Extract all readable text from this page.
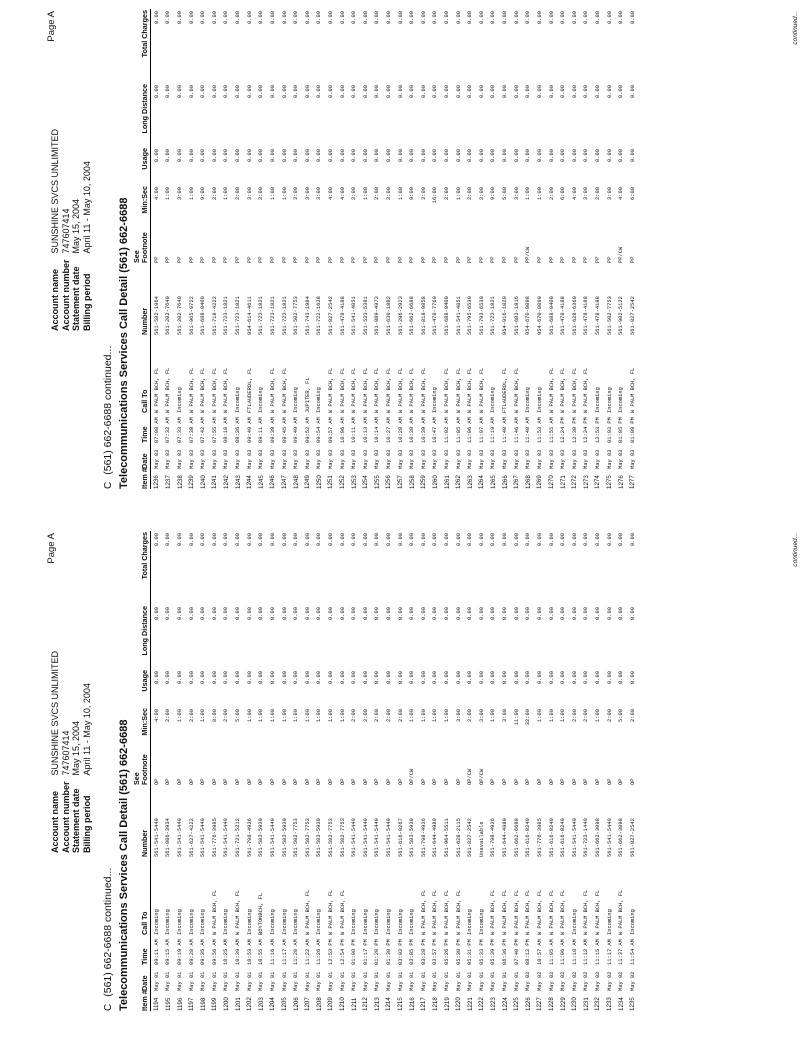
Page A
Account name	SUNSHINE SVCS UNLIMITED
Account number	747607414
Statement date	May 15, 2004
Billing period	April 11 - May 10, 2004
C(561) 662-6688 continued... Telecommunications Services Call Detail (561) 662-6688 Item #	Date	Time	Call To	Number	See Footnote	Min:Sec	Usage	Long Distance	Total Charges
1194	May 01	09:11 AM	Incoming	561-541-5449	OP	4:00	0.00	0.00	0.00
1195	May 01	09:15 AM	Incoming	561-806-3934	OP	2:00	0.00	0.00	0.00
1196	May 01	09:19 AM	Incoming	561-541-5449	OP	1:00	0.00	0.00	0.00
1197	May 01	09:28 AM	Incoming	561-627-4222	OP	2:00	0.00	0.00	0.00
1198	May 01	09:35 AM	Incoming	561-541-5449	OP	1:00	0.00	0.00	0.00
1199	May 01	09:56 AM	W PALM BCH, FL	561-776-3985	OP	8:00	0.00	0.00	0.00
1200	May 01	10:25 AM	Incoming	561-541-5449	OP	2:00	0.00	0.00	0.00
1201	May 01	10:39 AM	W PALM BCH, FL	561-721-5212	OP	5:00	0.00	0.00	0.00
1202	May 01	10:53 AM	Incoming	561-798-4936	OP	1:00	0.00	0.00	0.00
1203	May 01	10:55 AM	BOYTONBCH, FL	561-503-5930	OP	1:00	0.00	0.00	0.00
1204	May 01	11:16 AM	Incoming	561-541-5449	OP	1:00	0.00	0.00	0.00
1205	May 01	11:17 AM	Incoming	561-503-5930	OP	1:00	0.00	0.00	0.00
1206	May 01	11:20 AM	Incoming	561-502-7753	OP	1:00	0.00	0.00	0.00
1207	May 01	11:22 AM	W PALM BCH, FL	561-502-7753	OP	1:00	0.00	0.00	0.00
1208	May 01	11:26 AM	Incoming	561-503-5930	OP	1:00	0.00	0.00	0.00
1209	May 01	12:53 PM	W PALM BCH, FL	561-502-7753	OP	1:00	0.00	0.00	0.00
1210	May 01	12:54 PM	W PALM BCH, FL	561-502-7753	OP	1:00	0.00	0.00	0.00
1211	May 01	01:08 PM	Incoming	561-541-5449	OP	2:00	0.00	0.00	0.00
1212	May 01	01:17 PM	Incoming	561-541-5449	OP	2:00	0.00	0.00	0.00
1213	May 01	01:20 PM	Incoming	561-541-5449	OP	2:00	0.00	0.00	0.00
1214	May 01	01:30 PM	Incoming	561-541-5449	OP	2:00	0.00	0.00	0.00
1215	May 01	03:03 PM	Incoming	561-616-0267	OP	2:00	0.00	0.00	0.00
1216	May 01	03:05 PM	Incoming	561-503-5930	OP/CW	1:00	0.00	0.00	0.00
1217	May 01	03:28 PM	W PALM BCH, FL	561-798-4936	OP	1:00	0.00	0.00	0.00
1218	May 01	03:57 PM	W PALM BCH, FL	561-644-4989	OP	1:00	0.00	0.00	0.00
1219	May 01	05:26 PM	W PALM BCH, FL	561-964-5511	OP	1:00	0.00	0.00	0.00
1220	May 01	05:30 PM	W PALM BCH, FL	561-628-2115	OP	3:00	0.00	0.00	0.00
1221	May 01	05:31 PM	Incoming	561-827-2542	OP/CW	2:00	0.00	0.00	0.00
1222	May 01	05:33 PM	Incoming	Unavailable	OP/CW	3:00	0.00	0.00	0.00
1223	May 01	05:39 PM	W PALM BCH, FL	561-798-4936	OP	1:00	0.00	0.00	0.00
1224	May 01	06:36 PM	W PALM BCH, FL	561-644-4989	OP	3:00	0.00	0.00	0.00
1225	May 01	07:40 PM	W PALM BCH, FL	561-662-6688	OP	11:00	0.00	0.00	0.00
1226	May 02	08:12 PM	W PALM BCH, FL	561-616-8240	OP	32:00	0.00	0.00	0.00
1227	May 02	10:57 AM	W PALM BCH, FL	561-776-3985	OP	1:00	0.00	0.00	0.00
1228	May 02	11:05 AM	W PALM BCH, FL	561-616-8240	OP	1:00	0.00	0.00	0.00
1229	May 02	11:06 AM	W PALM BCH, FL	561-616-8240	OP	1:00	0.00	0.00	0.00
1230	May 02	11:10 AM	Incoming	561-541-5449	OP	2:00	0.00	0.00	0.00
1231	May 02	11:12 AM	W PALM BCH, FL	561-723-1440	OP	2:00	0.00	0.00	0.00
1232	May 02	11:15 AM	W PALM BCH, FL	561-662-3098	OP	1:00	0.00	0.00	0.00
1233	May 02	11:17 AM	Incoming	561-541-5449	OP	2:00	0.00	0.00	0.00
1234	May 02	11:37 AM	W PALM BCH, FL	561-662-3098	OP	5:00	0.00	0.00	0.00
1235	May 02	11:54 AM	Incoming	561-827-2542	OP	2:00	0.00	0.00	0.00	continued...
Page A
Account name	SUNSHINE SVCS UNLIMITED
Account number	747607414
Statement date	May 15, 2004
Billing period	April 11 - May 10, 2004
C(561) 662-6688 continued... Telecommunications Services Call Detail (561) 662-6688 Item #	Date	Time	Call To	Number	See Footnote	Min:Sec	Usage	Long Distance	Total Charges
1236	May 03	07:08 AM	W PALM BCH, FL	561-582-1964	PP	4:00	0.00	0.00	0.00
1237	May 03	07:32 AM	W PALM BCH, FL	561-202-7640	PP	1:00	0.00	0.00	0.00
1238	May 03	07:33 AM	Incoming	561-202-7640	PP	3:00	0.00	0.00	0.00
1239	May 03	07:38 AM	W PALM BCH, FL	561-965-0722	PP	1:00	0.00	0.00	0.00
1240	May 03	07:42 AM	W PALM BCH, FL	561-688-0400	PP	9:00	0.00	0.00	0.00
1241	May 03	07:55 AM	W PALM BCH, FL	561-718-4222	PP	2:00	0.00	0.00	0.00
1242	May 03	08:18 AM	W PALM BCH, FL	561-723-1821	PP	1:00	0.00	0.00	0.00
1243	May 03	08:36 AM	Incoming	561-723-1821	PP	2:00	0.00	0.00	0.00
1244	May 03	09:49 AM	FTLAUDERDL, FL	954-614-4611	PP	3:00	0.00	0.00	0.00
1245	May 03	09:11 AM	Incoming	561-723-1821	PP	2:00	0.00	0.00	0.00
1246	May 03	09:39 AM	W PALM BCH, FL	561-723-1821	PP	1:00	0.00	0.00	0.00
1247	May 03	09:45 AM	W PALM BCH, FL	561-723-1821	PP	1:00	0.00	0.00	0.00
1248	May 03	09:49 AM	Incoming	561-502-7753	PP	3:00	0.00	0.00	0.00
1249	May 03	09:52 AM	JUPITER, FL	561-743-1984	PP	3:00	0.00	0.00	0.00
1250	May 03	09:54 AM	Incoming	561-722-1628	PP	3:00	0.00	0.00	0.00
1251	May 03	09:57 AM	W PALM BCH, FL	561-827-2542	PP	4:00	0.00	0.00	0.00
1252	May 03	10:06 AM	W PALM BCH, FL	561-478-4188	PP	4:00	0.00	0.00	0.00
1253	May 03	10:11 AM	W PALM BCH, FL	561-541-4051	PP	2:00	0.00	0.00	0.00
1254	May 03	10:13 AM	W PALM BCH, FL	561-533-5381	PP	1:00	0.00	0.00	0.00
1255	May 03	10:14 AM	W PALM BCH, FL	561-889-4973	PP	2:00	0.00	0.00	0.00
1256	May 03	10:27 AM	W PALM BCH, FL	561-630-1882	PP	2:00	0.00	0.00	0.00
1257	May 03	10:28 AM	W PALM BCH, FL	561-296-2923	PP	1:00	0.00	0.00	0.00
1258	May 03	10:30 AM	W PALM BCH, FL	561-662-6688	PP	9:00	0.00	0.00	0.00
1259	May 03	10:39 AM	W PALM BCH, FL	561-818-9858	PP	3:00	0.00	0.00	0.00
1260	May 03	10:47 AM	Incoming	561-478-7760	PP	16:00	0.00	0.00	0.00
1261	May 03	11:02 AM	W PALM BCH, FL	561-688-0400	PP	2:00	0.00	0.00	0.00
1262	May 03	11:05 AM	W PALM BCH, FL	561-541-4051	PP	1:00	0.00	0.00	0.00
1263	May 03	11:06 AM	W PALM BCH, FL	561-795-6530	PP	2:00	0.00	0.00	0.00
1264	May 03	11:07 AM	W PALM BCH, FL	561-793-6530	PP	2:00	0.00	0.00	0.00
1265	May 03	11:19 AM	Incoming	561-723-1821	PP	9:00	0.00	0.00	0.00
1266	May 03	11:40 AM	FTLAUDERDL, FL	954-916-1020	PP	5:00	0.00	0.00	0.00
1267	May 03	11:46 AM	W PALM BCH, FL	561-683-1816	PP	3:00	0.00	0.00	0.00
1268	May 03	11:48 AM	Incoming	954-670-0098	PP/CW	1:00	0.00	0.00	0.00
1269	May 03	11:53 AM	Incoming	954-670-0099	PP	1:00	0.00	0.00	0.00
1270	May 03	11:55 AM	W PALM BCH, FL	561-688-0400	PP	2:00	0.00	0.00	0.00
1271	May 03	12:24 PM	W PALM BCH, FL	561-478-4188	PP	6:00	0.00	0.00	0.00
1272	May 03	12:30 PM	W PALM BCH, FL	561-628-6360	PP	4:00	0.00	0.00	0.00
1273	May 03	12:34 PM	W PALM BCH, FL	561-478-4188	PP	3:00	0.00	0.00	0.00
1274	May 03	12:53 PM	Incoming	561-478-4188	PP	2:00	0.00	0.00	0.00
1275	May 03	01:03 PM	Incoming	561-502-7753	PP	3:00	0.00	0.00	0.00
1276	May 03	01:05 PM	Incoming	561-982-5122	PP/CW	4:00	0.00	0.00	0.00
1277	May 03	01:09 PM	W PALM BCH, FL	561-827-2542	PP	6:00	0.00	0.00	0.00	continued...
